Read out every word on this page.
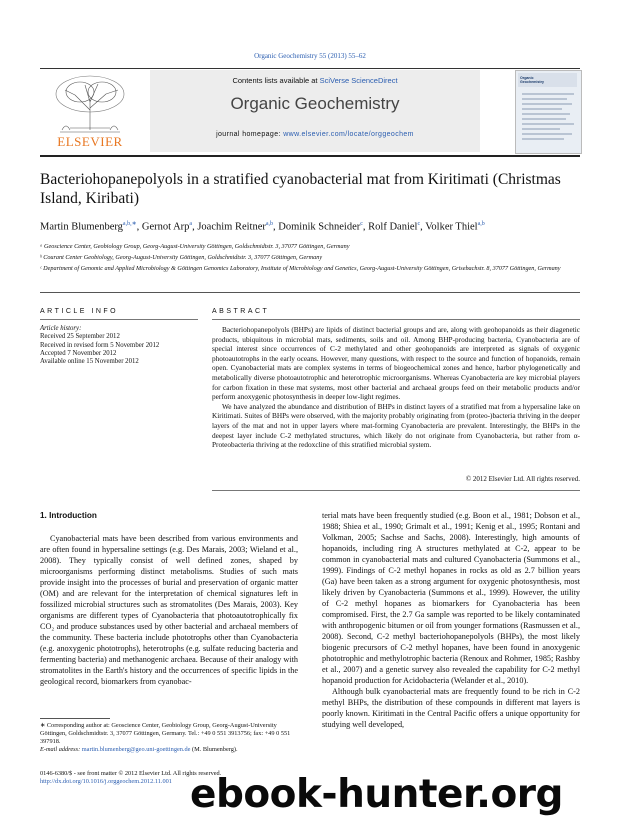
Organic Geochemistry 55 (2013) 55–62
ELSEVIER
Contents lists available at SciVerse ScienceDirect
Organic Geochemistry
journal homepage: www.elsevier.com/locate/orggeochem
Organic
Geochemistry
Bacteriohopanepolyols in a stratified cyanobacterial mat from Kiritimati (Christmas Island, Kiribati)
Martin Blumenberg$^{a,b,∗}$, Gernot Arp$^a$, Joachim Reitner$^{a,b}$, Dominik Schneider$^c$, Rolf Daniel$^c$, Volker Thiel$^{a,b}$
ᵃ Geoscience Center, Geobiology Group, Georg-August-University Göttingen, Goldschmidtstr. 3, 37077 Göttingen, Germany
ᵇ Courant Center Geobiology, Georg-August-University Göttingen, Goldschmidtstr. 3, 37077 Göttingen, Germany
ᶜ Department of Genomic and Applied Microbiology & Göttingen Genomics Laboratory, Institute of Microbiology and Genetics, Georg-August-University Göttingen, Grisebachstr. 8, 37077 Göttingen, Germany
ARTICLE INFO	ABSTRACT
Article history:
Received 25 September 2012
Received in revised form 5 November 2012
Accepted 7 November 2012
Available online 15 November 2012

Bacteriohopanepolyols (BHPs) are lipids of distinct bacterial groups and are, along with geohopanoids as their diagenetic products, ubiquitous in microbial mats, sediments, soils and oil. Among BHP-producing bacteria, Cyanobacteria are of special interest since occurrences of C-2 methylated and other geohopanoids are interpreted as signals of oxygenic photoautotrophs in the early oceans. However, many questions, with respect to the source and function of hopanoids, remain open. Cyanobacterial mats are complex systems in terms of biogeochemical zones and hence, harbor phylogenetically and metabolically diverse photoautotrophic and heterotrophic microorganisms. Whereas Cyanobacteria are key microbial players for carbon fixation in these mat systems, most other bacterial and archaeal groups feed on their metabolic products and/or perform anoxygenic photosynthesis in deeper low-light regimes.

We have analyzed the abundance and distribution of BHPs in distinct layers of a stratified mat from a hypersaline lake on Kiritimati. Suites of BHPs were observed, with the majority probably originating from (proteo-)bacteria thriving in the deeper layers of the mat and not in upper layers where mat-forming Cyanobacteria are prevalent. Interestingly, the BHPs in the deepest layer include C-2 methylated structures, which likely do not originate from Cyanobacteria, but rather from α-Proteobacteria thriving at the redoxcline of this stratified microbial system.

© 2012 Elsevier Ltd. All rights reserved.
1. Introduction

Cyanobacterial mats have been described from various environments and are often found in hypersaline settings (e.g. Des Marais, 2003; Wieland et al., 2008). They typically consist of well defined zones, shaped by microorganisms performing distinct metabolisms. Studies of such mats provide insight into the processes of burial and preservation of organic matter (OM) and are relevant for the interpretation of chemical signatures left in fossilized microbial structures such as stromatolites (Des Marais, 2003). Key organisms are different types of Cyanobacteria that photoautotrophically fix CO₂ and produce substances used by other bacterial and archaeal members of the community. These bacteria include phototrophs other than Cyanobacteria (e.g. anoxygenic phototrophs), heterotrophs (e.g. sulfate reducing bacteria and fermenting bacteria) and methanogenic archaea. Because of their analogy with stromatolites in the Earth's history and the occurrences of specific lipids in the geological record, biomarkers from cyanobac-

terial mats have been frequently studied (e.g. Boon et al., 1981; Dobson et al., 1988; Shiea et al., 1990; Grimalt et al., 1991; Kenig et al., 1995; Rontani and Volkman, 2005; Sachse and Sachs, 2008). Interestingly, high amounts of hopanoids, including ring A structures methylated at C-2, appear to be common in cyanobacterial mats and cultured Cyanobacteria (Summons et al., 1999). Findings of C-2 methyl hopanes in rocks as old as 2.7 billion years (Ga) have been taken as a strong argument for oxygenic photosynthesis, most likely driven by Cyanobacteria (Summons et al., 1999). However, the utility of C-2 methyl hopanes as biomarkers for Cyanobacteria has been compromised. First, the 2.7 Ga sample was reported to be likely contaminated with anthropogenic bitumen or oil from younger formations (Rasmussen et al., 2008). Second, C-2 methyl bacteriohopanepolyols (BHPs), the most likely biogenic precursors of C-2 methyl hopanes, have been found in anoxygenic phototrophic and methylotrophic bacteria (Renoux and Rohmer, 1985; Rashby et al., 2007) and a genetic survey also revealed the capability for C-2 methyl hopanoid production for Acidobacteria (Welander et al., 2010).

Although bulk cyanobacterial mats are frequently found to be rich in C-2 methyl BHPs, the distribution of these compounds in different mat layers is poorly known. Kiritimati in the Central Pacific offers a unique opportunity for studying well developed,

∗ Corresponding author at: Geoscience Center, Geobiology Group, Georg-August-University Göttingen, Goldschmidtstr. 3, 37077 Göttingen, Germany. Tel.: +49 0 551 3913756; fax: +49 0 551 397918.

E-mail address: martin.blumenberg@geo.uni-goettingen.de (M. Blumenberg).

0146-6380/$ - see front matter © 2012 Elsevier Ltd. All rights reserved.
http://dx.doi.org/10.1016/j.orggeochem.2012.11.001 ebook-hunter.org
